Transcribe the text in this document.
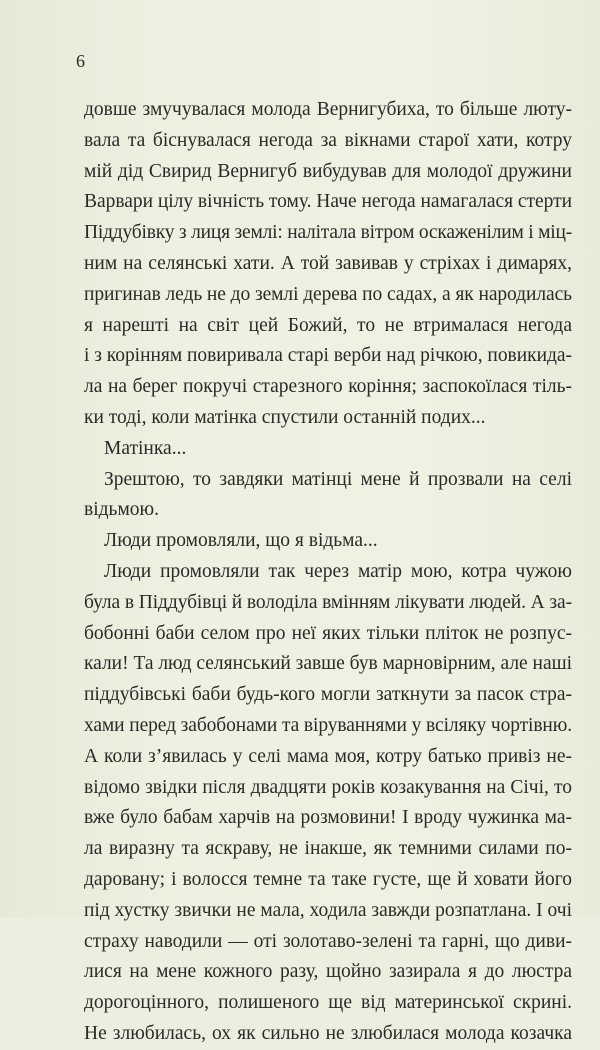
6
довше змучувалася молода Вернигубиха, то більше люту-
вала та біснувалася негода за вікнами старої хати, котру
мій дід Свирид Вернигуб вибудував для молодої дружини
Варвари цілу вічність тому. Наче негода намагалася стерти
Піддубівку з лиця землі: налітала вітром оскаженілим і міц-
ним на селянські хати. А той завивав у стріхах і димарях,
пригинав ледь не до землі дерева по садах, а як народилась
я нарешті на світ цей Божий, то не втрималася негода
і з корінням повиривала старі верби над річкою, повикида-
ла на берег покручі старезного коріння; заспокоїлася тіль-
ки тоді, коли матінка спустили останній подих...
Матінка...
Зрештою, то завдяки матінці мене й прозвали на селі
відьмою.
Люди промовляли, що я відьма...
Люди промовляли так через матір мою, котра чужою
була в Піддубівці й володіла вмінням лікувати людей. А за-
бобонні баби селом про неї яких тільки пліток не розпус-
кали! Та люд селянський завше був марновірним, але наші
піддубівські баби будь-кого могли заткнути за пасок стра-
хами перед забобонами та віруваннями у всіляку чортівню.
А коли з’явилась у селі мама моя, котру батько привіз не-
відомо звідки після двадцяти років козакування на Січі, то
вже було бабам харчів на розмовини! І вроду чужинка ма-
ла виразну та яскраву, не інакше, як темними силами по-
даровану; і волосся темне та таке густе, ще й ховати його
під хустку звички не мала, ходила завжди розпатлана. І очі
страху наводили — оті золотаво-зелені та гарні, що диви-
лися на мене кожного разу, щойно зазирала я до люстра
дорогоцінного, полишеного ще від материнської скрині.
Не злюбилась, ох як сильно не злюбилася молода козачка
